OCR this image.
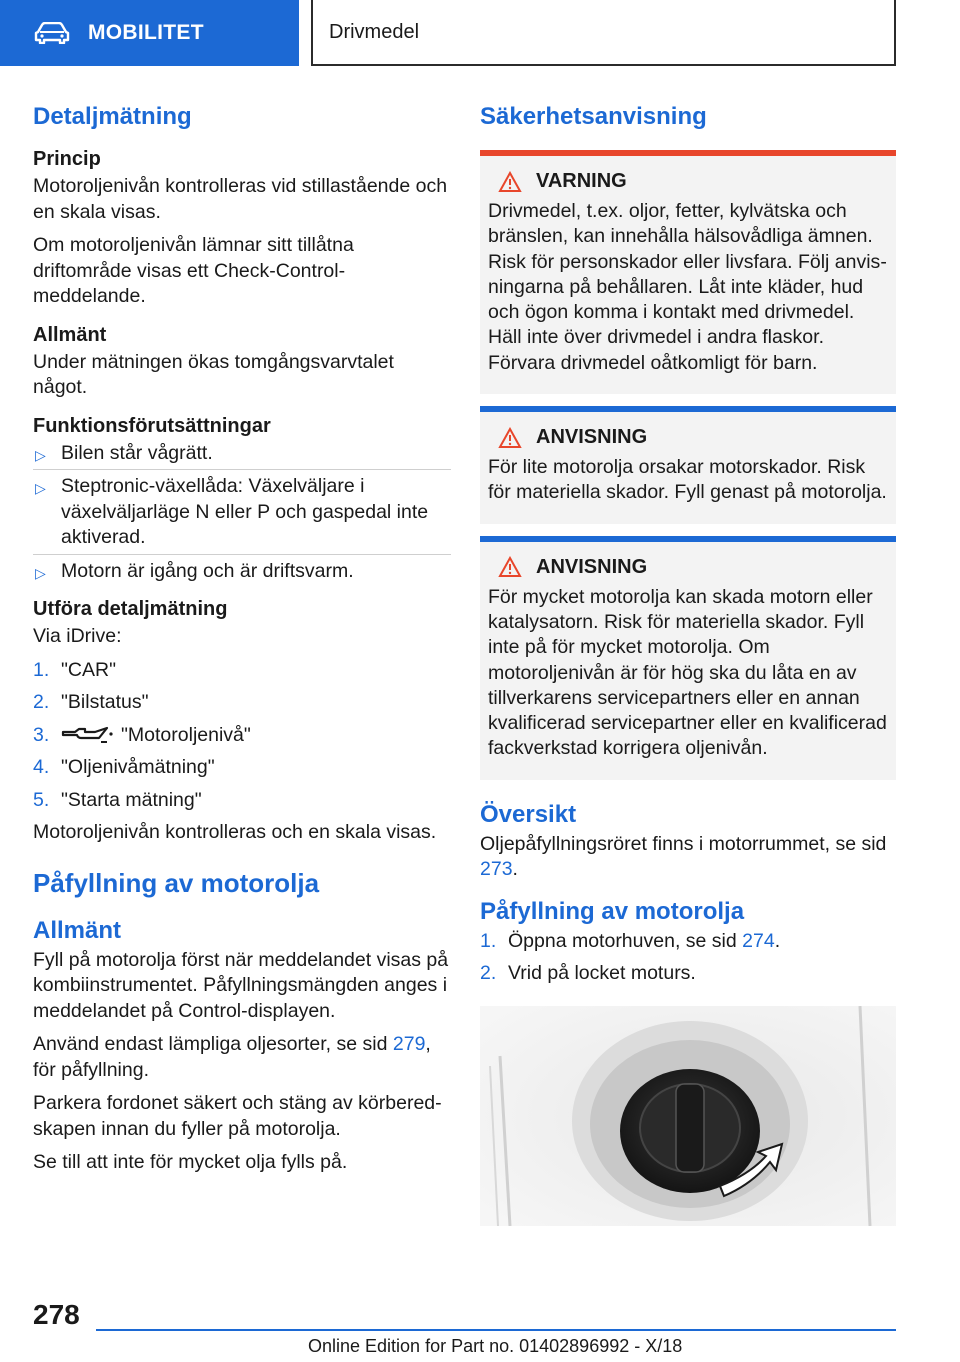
MOBILITET	Drivmedel
Detaljmätning
Princip

Motoroljenivån kontrolleras vid stillastående och en skala visas.

Om motoroljenivån lämnar sitt tillåtna driftområde visas ett Check-Control-meddelande.

Allmänt

Under mätningen ökas tomgångsvarvtalet något.

Funktionsförutsättningar
▷ Bilen står vågrätt.
▷ Steptronic-växellåda: Växelväljare i växelväljarläge N eller P och gaspedal inte aktiverad.
▷ Motorn är igång och är driftsvarm.
Utföra detaljmätning

Via iDrive:

1. "CAR"
2. "Bilstatus"
3.	"Motoroljenivå"
4. "Oljenivåmätning"
5. "Starta mätning"

Motoroljenivån kontrolleras och en skala visas.

Påfyllning av motorolja
Allmänt

Fyll på motorolja först när meddelandet visas på kombiinstrumentet. Påfyllningsmängden anges i meddelandet på Control-displayen.

Använd endast lämpliga oljesorter, se sid 279, för påfyllning.

Parkera fordonet säkert och stäng av körberedskapen innan du fyller på motorolja.

Se till att inte för mycket olja fylls på.

Säkerhetsanvisning
VARNING

Drivmedel, t.ex. oljor, fetter, kylvätska och bränslen, kan innehålla hälsovådliga ämnen. Risk för personskador eller livsfara. Följ anvisningarna på behållaren. Låt inte kläder, hud och ögon komma i kontakt med drivmedel. Häll inte över drivmedel i andra flaskor. Förvara drivmedel oåtkomligt för barn.

ANVISNING

För lite motorolja orsakar motorskador. Risk för materiella skador. Fyll genast på motorolja.

ANVISNING

För mycket motorolja kan skada motorn eller katalysatorn. Risk för materiella skador. Fyll inte på för mycket motorolja. Om motoroljenivån är för hög ska du låta en av tillverkarens servicepartners eller en annan kvalificerad servicepartner eller en kvalificerad fackverkstad korrigera oljenivån.

Översikt

Oljepåfyllningsröret finns i motorrummet, se sid 273.

Påfyllning av motorolja
1. Öppna motorhuven, se sid 274.
2. Vrid på locket moturs.
278
Online Edition for Part no. 01402896992 - X/18
